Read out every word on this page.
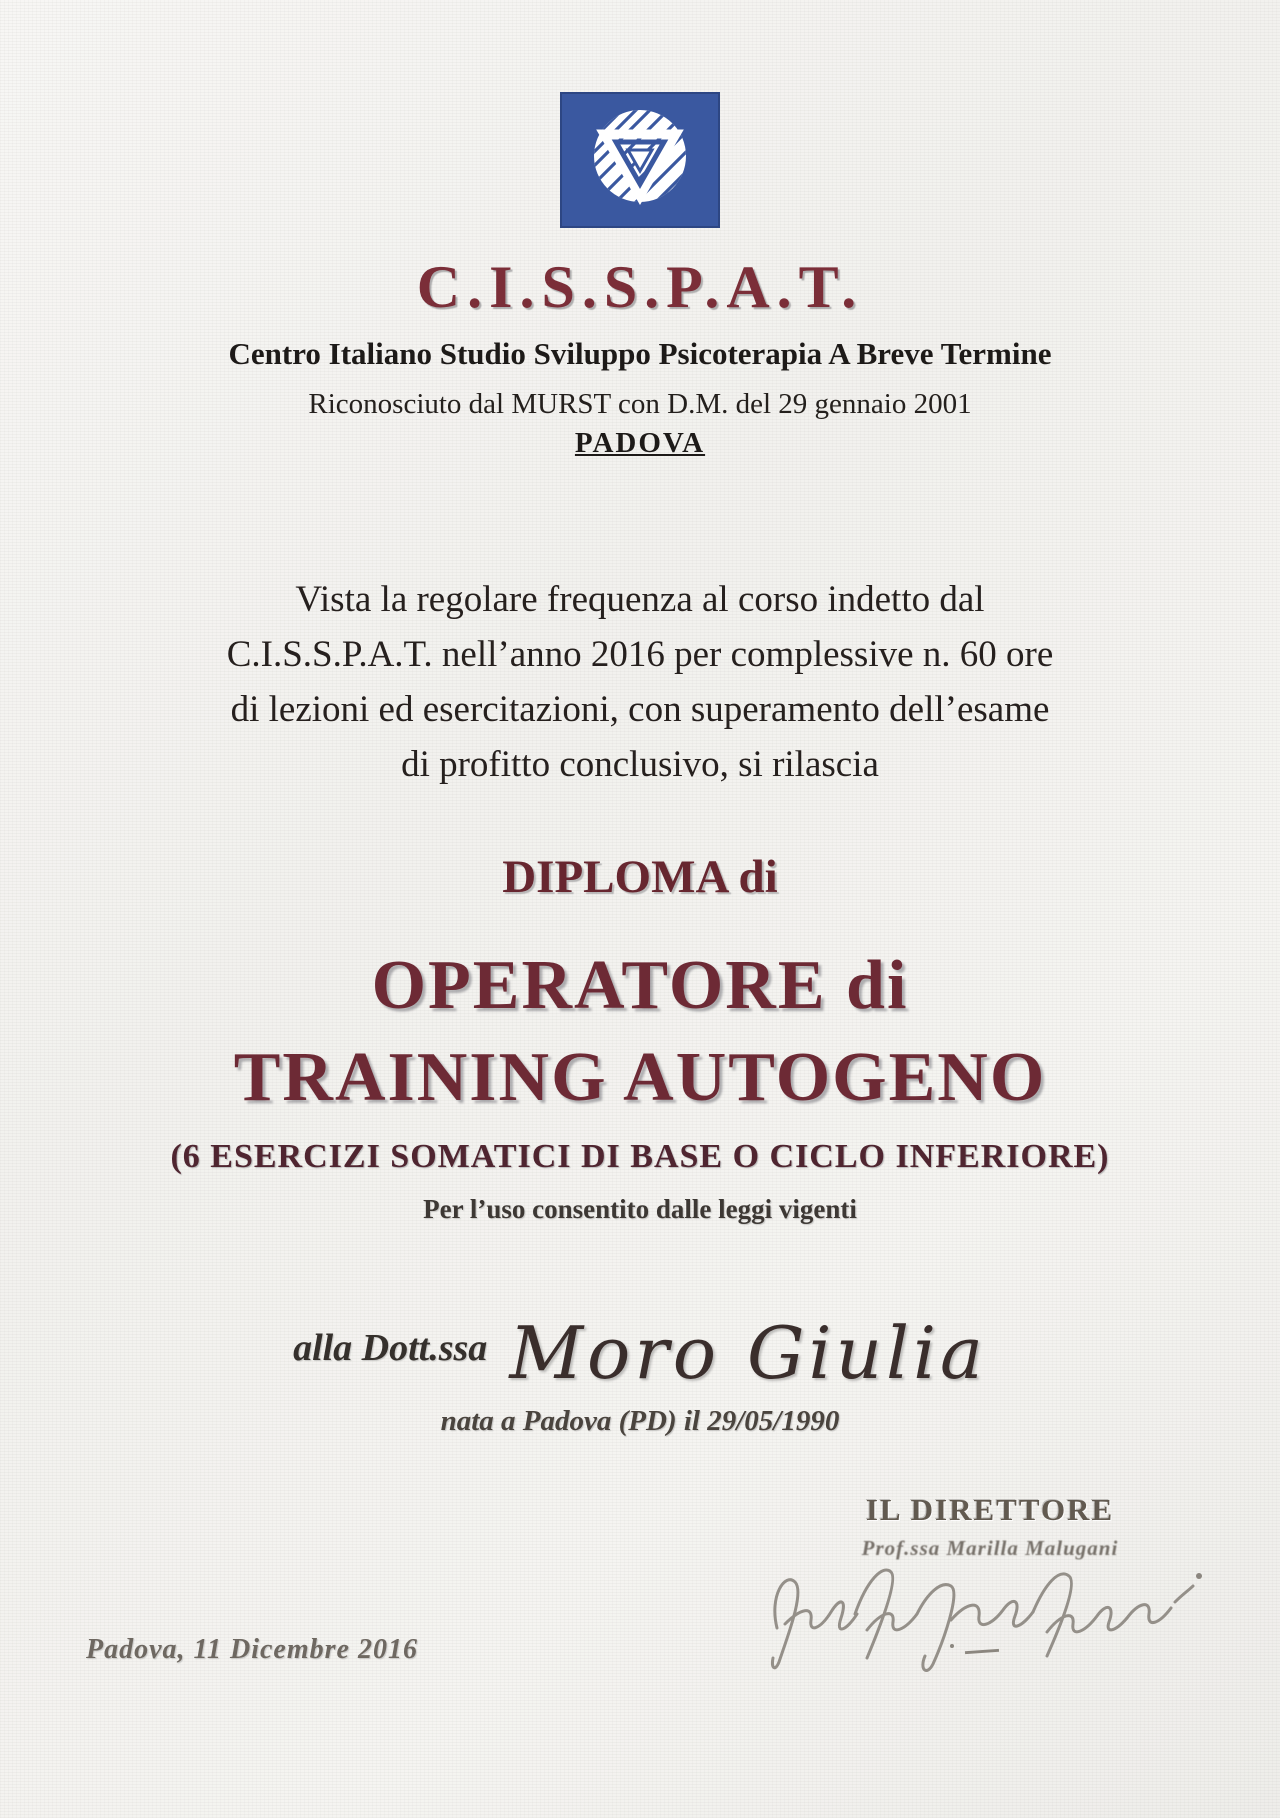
C.I.S.S.P.A.T.
Centro Italiano Studio Sviluppo Psicoterapia A Breve Termine
Riconosciuto dal MURST con D.M. del 29 gennaio 2001
PADOVA
Vista la regolare frequenza al corso indetto dal
C.I.S.S.P.A.T. nell’anno 2016 per complessive n. 60 ore
di lezioni ed esercitazioni, con superamento dell’esame
di profitto conclusivo, si rilascia
DIPLOMA di
OPERATORE di
TRAINING AUTOGENO
(6 ESERCIZI SOMATICI DI BASE O CICLO INFERIORE)
Per l’uso consentito dalle leggi vigenti
alla Dott.ssa Moro Giulia
nata a Padova (PD) il 29/05/1990
IL DIRETTORE
Prof.ssa Marilla Malugani
Padova, 11 Dicembre 2016
